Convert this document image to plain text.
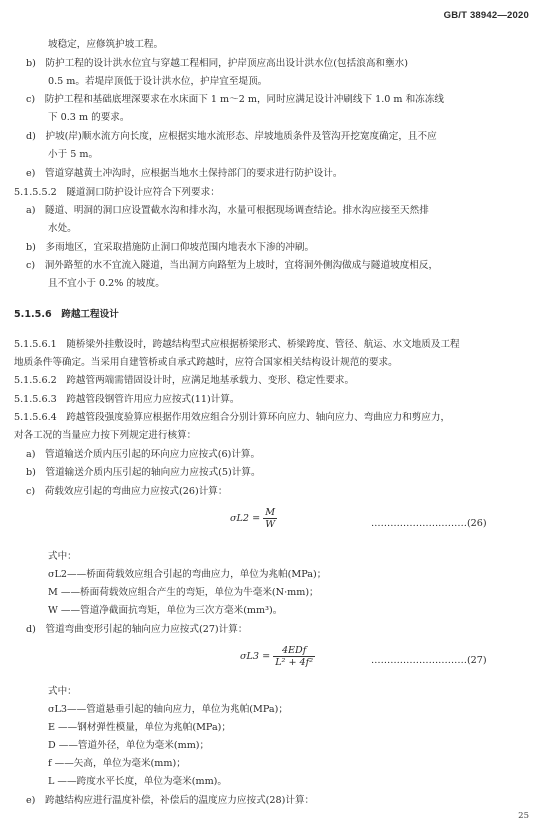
GB/T 38942—2020
坡稳定，应修筑护坡工程。
b) 防护工程的设计洪水位宜与穿越工程相同，护岸顶应高出设计洪水位(包括浪高和壅水)
0.5 m。若堤岸顶低于设计洪水位，护岸宜至堤顶。
c) 防护工程和基础底埋深要求在水床面下 1 m～2 m，同时应满足设计冲刷线下 1.0 m 和冻冻线
下 0.3 m 的要求。
d) 护坡(岸)顺水流方向长度，应根据实地水流形态、岸坡地质条件及管沟开挖宽度确定，且不应
小于 5 m。
e) 管道穿越黄土冲沟时，应根据当地水土保持部门的要求进行防护设计。
5.1.5.5.2 隧道洞口防护设计应符合下列要求：
a) 隧道、明洞的洞口应设置截水沟和排水沟，水量可根据现场调查结论。排水沟应接至天然排
水处。
b) 多雨地区，宜采取措施防止洞口仰坡范围内地表水下渗的冲刷。
c) 洞外路堑的水不宜流入隧道，当出洞方向路堑为上坡时，宜将洞外侧沟做成与隧道坡度相反，
且不宜小于 0.2% 的坡度。
5.1.5.6 跨越工程设计
5.1.5.6.1 随桥梁外挂敷设时，跨越结构型式应根据桥梁形式、桥梁跨度、管径、航运、水文地质及工程
地质条件等确定。当采用自建管桥或自承式跨越时，应符合国家相关结构设计规范的要求。
5.1.5.6.2 跨越管两端需错固设计时，应满足地基承载力、变形、稳定性要求。
5.1.5.6.3 跨越管段钢管许用应力应按式(11)计算。
5.1.5.6.4 跨越管段强度验算应根据作用效应组合分别计算环向应力、轴向应力、弯曲应力和剪应力，
对各工况的当量应力按下列规定进行核算：
a) 管道输送介质内压引起的环向应力应按式(6)计算。
b) 管道输送介质内压引起的轴向应力应按式(5)计算。
c) 荷载效应引起的弯曲应力应按式(26)计算：
$\sigma L2 = \frac{M}{W}$	…………………………(26)
式中：
σL2——桥面荷载效应组合引起的弯曲应力，单位为兆帕(MPa)；
M ——桥面荷载效应组合产生的弯矩，单位为牛毫米(N·mm)；
W ——管道净截面抗弯矩，单位为三次方毫米(mm³)。
d) 管道弯曲变形引起的轴向应力应按式(27)计算：
$\sigma L3 = \frac{\text{4EDf}}{\text{L² + 4f²}}$	…………………………(27)
式中：
σL3——管道悬垂引起的轴向应力，单位为兆帕(MPa)；
E ——钢材弹性模量，单位为兆帕(MPa)；
D ——管道外径，单位为毫米(mm)；
f ——矢高，单位为毫米(mm)；
L ——跨度水平长度，单位为毫米(mm)。
e) 跨越结构应进行温度补偿，补偿后的温度应力应按式(28)计算：
25
